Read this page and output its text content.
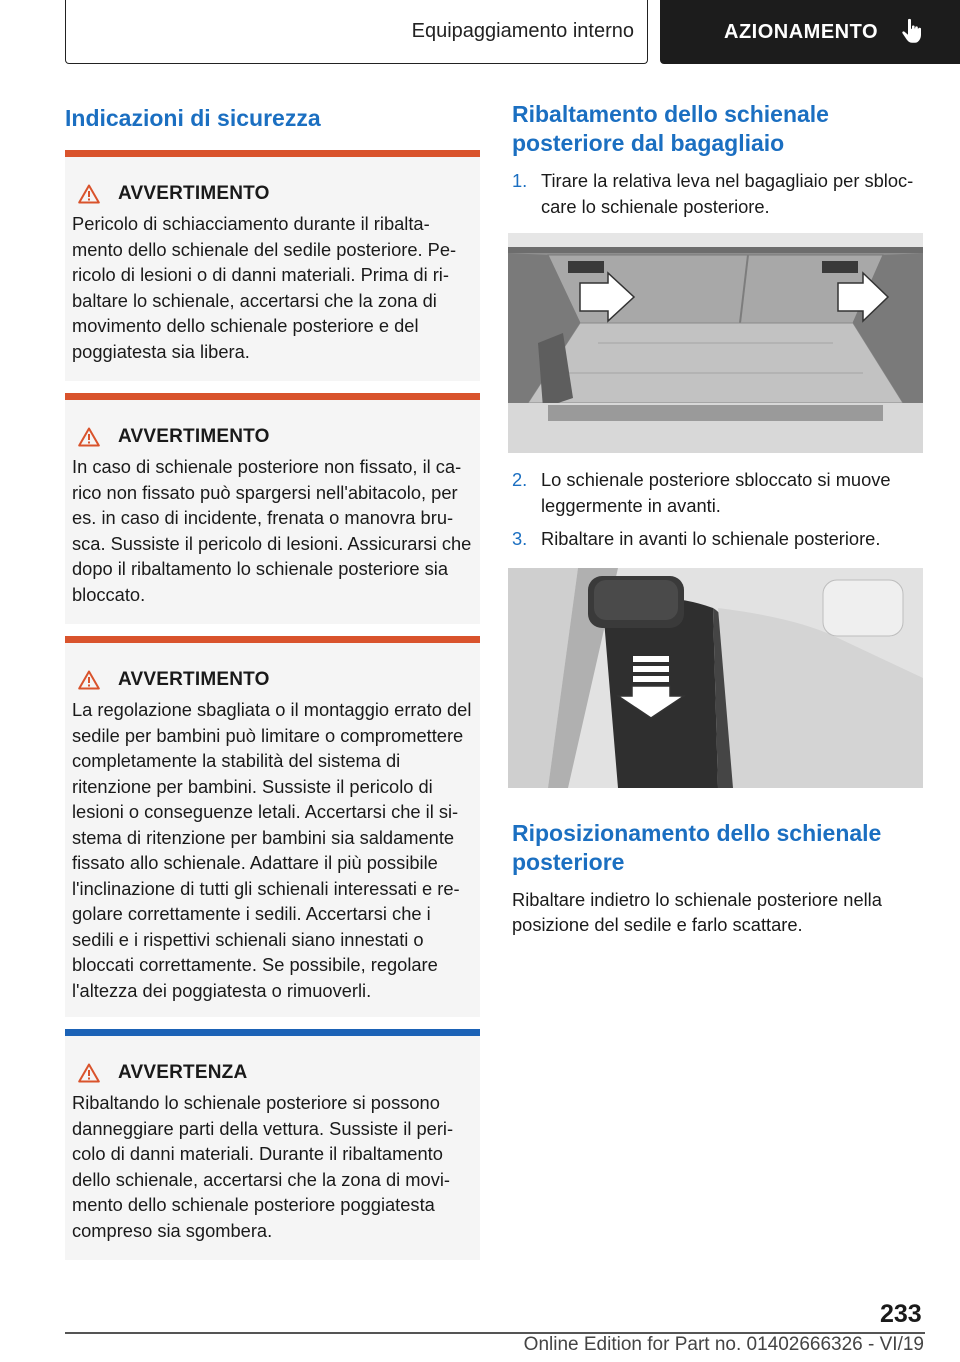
Equipaggiamento interno	AZIONAMENTO
Indicazioni di sicurezza
AVVERTIMENTO
Pericolo di schiacciamento durante il ribaltamento dello schienale del sedile posteriore. Pericolo di lesioni o di danni materiali. Prima di ribaltare lo schienale, accertarsi che la zona di movimento dello schienale posteriore e del poggiatesta sia libera.
AVVERTIMENTO
In caso di schienale posteriore non fissato, il carico non fissato può spargersi nell'abitacolo, per es. in caso di incidente, frenata o manovra brusca. Sussiste il pericolo di lesioni. Assicurarsi che dopo il ribaltamento lo schienale posteriore sia bloccato.
AVVERTIMENTO
La regolazione sbagliata o il montaggio errato del sedile per bambini può limitare o compromettere completamente la stabilità del sistema di ritenzione per bambini. Sussiste il pericolo di lesioni o conseguenze letali. Accertarsi che il sistema di ritenzione per bambini sia saldamente fissato allo schienale. Adattare il più possibile l'inclinazione di tutti gli schienali interessati e regolare correttamente i sedili. Accertarsi che i sedili e i rispettivi schienali siano innestati o bloccati correttamente. Se possibile, regolare l'altezza dei poggiatesta o rimuoverli.
AVVERTENZA
Ribaltando lo schienale posteriore si possono danneggiare parti della vettura. Sussiste il pericolo di danni materiali. Durante il ribaltamento dello schienale, accertarsi che la zona di movimento dello schienale posteriore poggiatesta compreso sia sgombera.
Ribaltamento dello schienale posteriore dal bagagliaio
1. Tirare la relativa leva nel bagagliaio per sbloccare lo schienale posteriore.
2. Lo schienale posteriore sbloccato si muove leggermente in avanti.
3. Ribaltare in avanti lo schienale posteriore.
Riposizionamento dello schienale posteriore

Ribaltare indietro lo schienale posteriore nella posizione del sedile e farlo scattare.

233
Online Edition for Part no. 01402666326 - VI/19
